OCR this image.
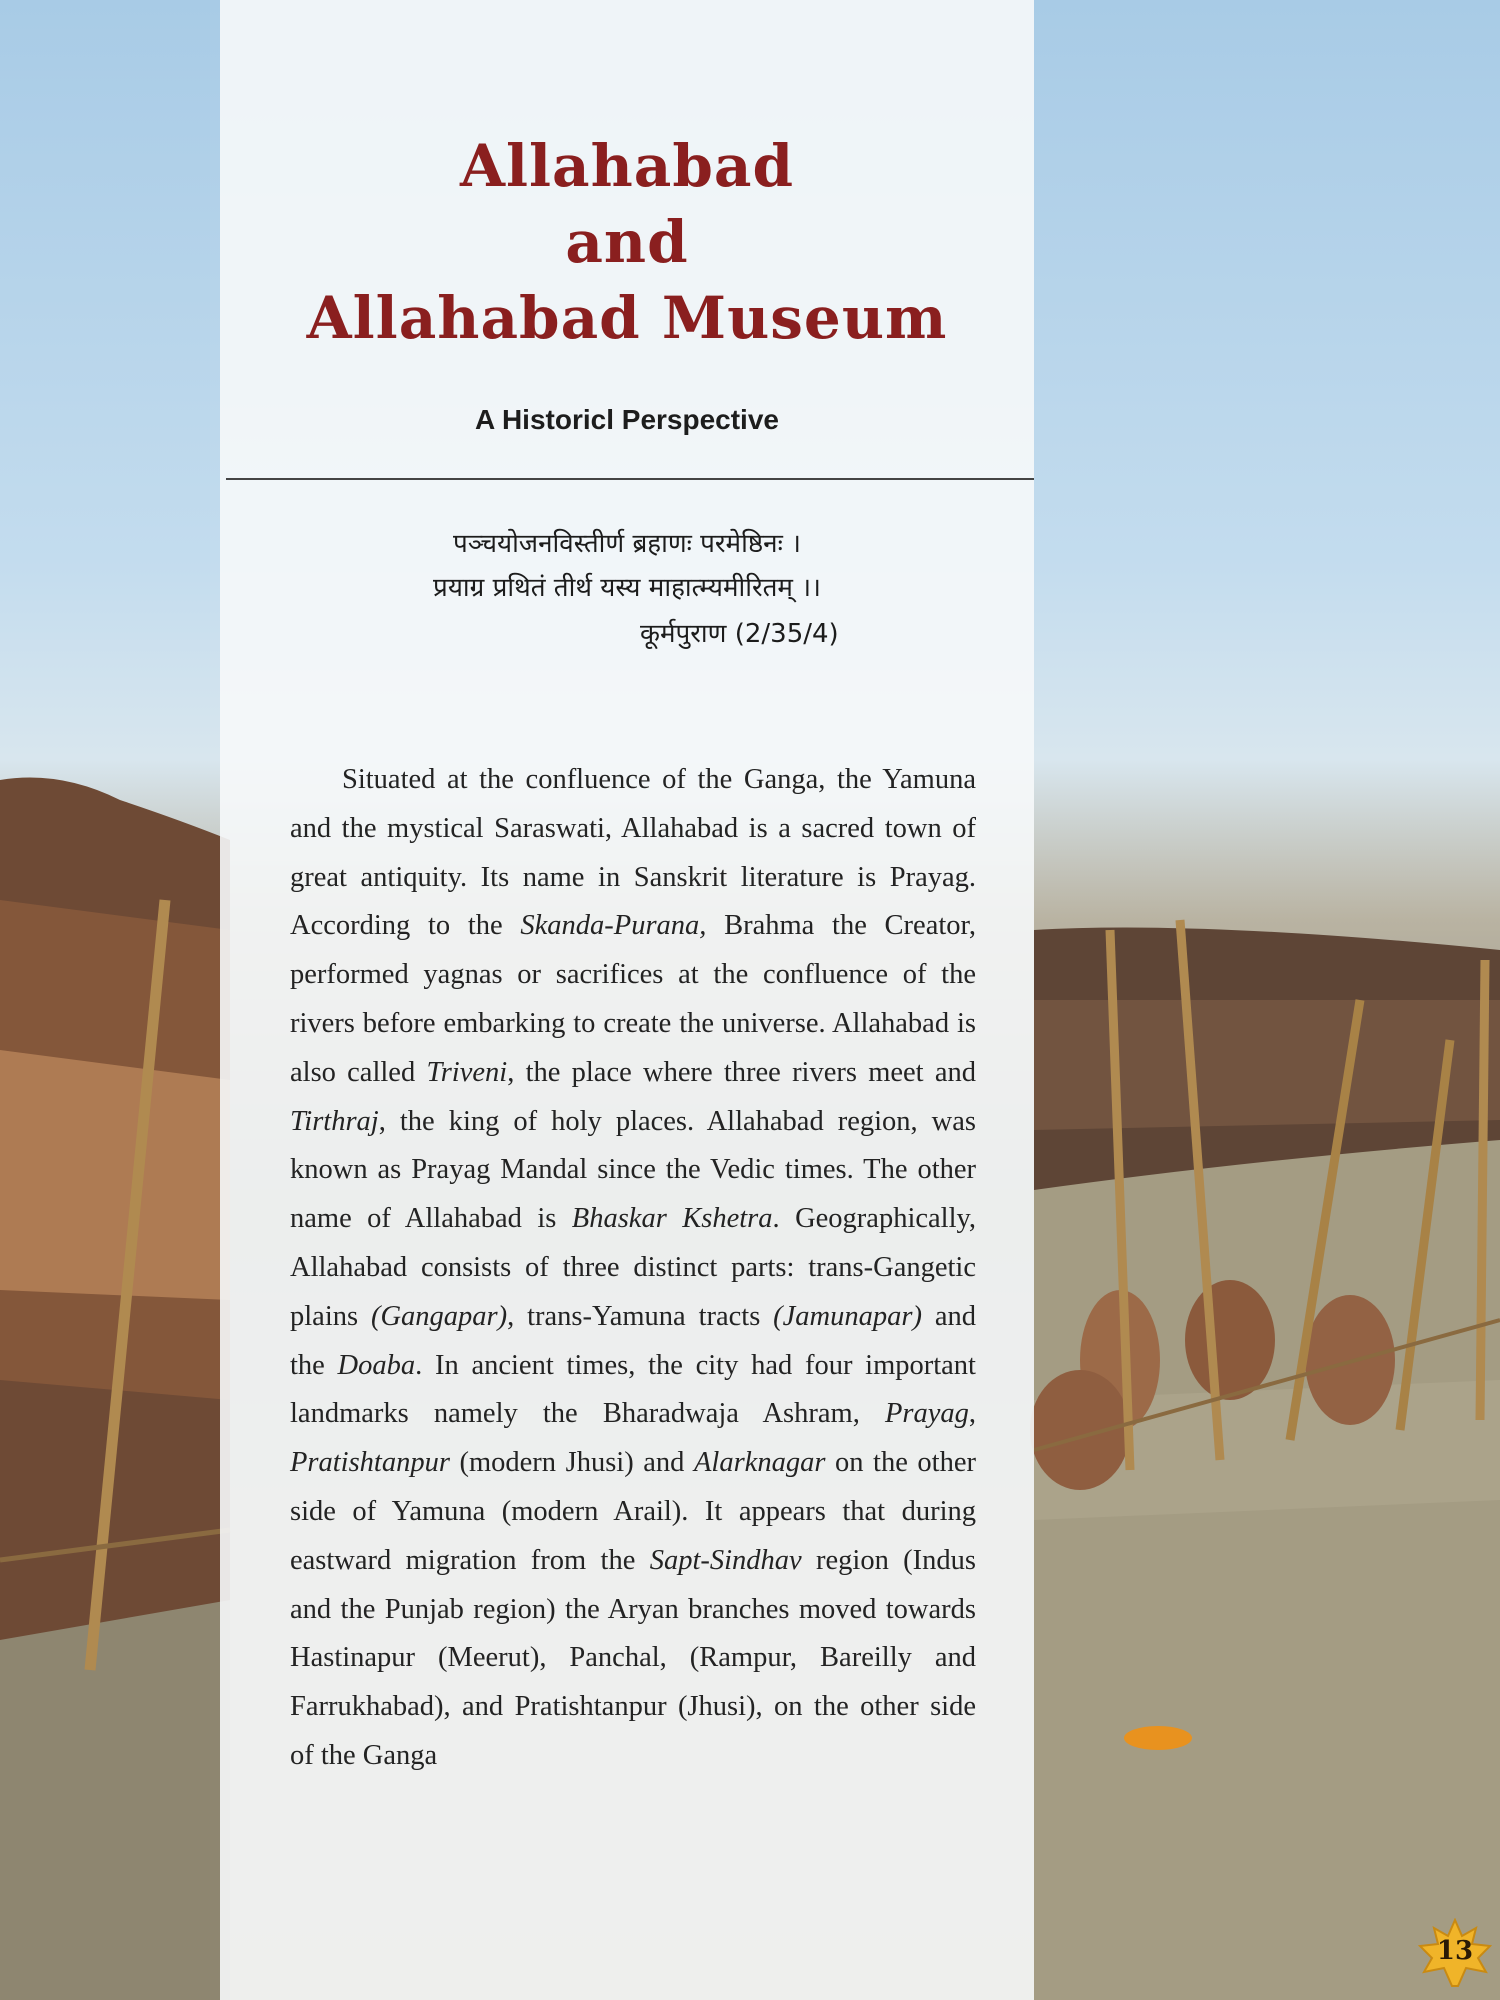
Allahabad
and
Allahabad Museum
A Historicl Perspective
पञ्चयोजनविस्तीर्ण ब्रहाणः परमेष्ठिनः ।
प्रयाग्र प्रथितं तीर्थ यस्य माहात्म्यमीरितम् ।।
कूर्मपुराण (2/35/4)

Situated at the confluence of the Ganga, the Yamuna and the mystical Saraswati, Allahabad is a sacred town of great antiquity. Its name in Sanskrit literature is Prayag. According to the Skanda-Purana, Brahma the Creator, performed yagnas or sacrifices at the confluence of the rivers before embarking to create the universe. Allahabad is also called Triveni, the place where three rivers meet and Tirthraj, the king of holy places. Allahabad region, was known as Prayag Mandal since the Vedic times. The other name of Allahabad is Bhaskar Kshetra. Geographically, Allahabad consists of three distinct parts: trans-Gangetic plains (Gangapar), trans-Yamuna tracts (Jamunapar) and the Doaba. In ancient times, the city had four important landmarks namely the Bharadwaja Ashram, Prayag, Pratishtanpur (modern Jhusi) and Alarknagar on the other side of Yamuna (modern Arail). It appears that during eastward migration from the Sapt-Sindhav region (Indus and the Punjab region) the Aryan branches moved towards Hastinapur (Meerut), Panchal, (Rampur, Bareilly and Farrukhabad), and Pratishtanpur (Jhusi), on the other side of the Ganga

13
